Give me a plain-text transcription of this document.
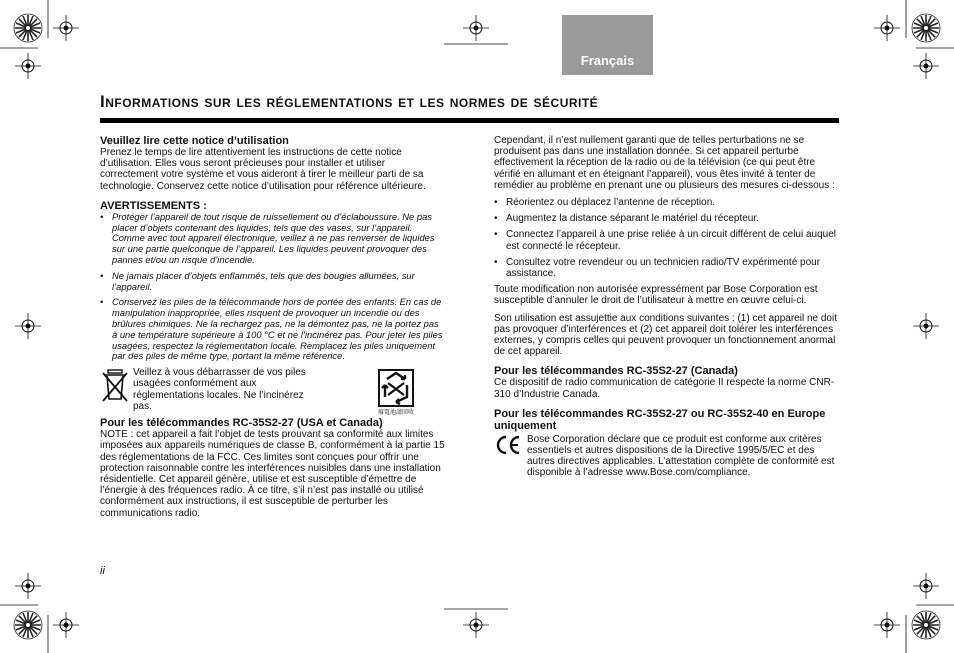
Français
Informations sur les réglementations et les normes de sécurité
Veuillez lire cette notice d’utilisation

Prenez le temps de lire attentivement les instructions de cette notice d’utilisation. Elles vous seront précieuses pour installer et utiliser correctement votre système et vous aideront à tirer le meilleur parti de sa technologie. Conservez cette notice d’utilisation pour référence ultérieure.

AVERTISSEMENTS :
• Protéger l’appareil de tout risque de ruissellement ou d’éclaboussure. Ne pas placer d’objets contenant des liquides, tels que des vases, sur l’appareil. Comme avec tout appareil électronique, veillez à ne pas renverser de liquides sur une partie quelconque de l’appareil. Les liquides peuvent provoquer des pannes et/ou un risque d’incendie.
• Ne jamais placer d’objets enflammés, tels que des bougies allumées, sur l’appareil.
• Conservez les piles de la télécommande hors de portée des enfants. En cas de manipulation inappropriée, elles risquent de provoquer un incendie ou des brûlures chimiques. Ne la rechargez pas, ne la démontez pas, ne la portez pas à une température supérieure à 100 °C et ne l’incinérez pas. Pour jeter les piles usagées, respectez la réglementation locale. Remplacez les piles uniquement par des piles de même type, portant la même référence.

Veillez à vous débarrasser de vos piles usagées conformément aux réglementations locales. Ne l’incinérez pas.

廢電池請回收
Pour les télécommandes RC-35S2-27 (USA et Canada)

NOTE : cet appareil a fait l’objet de tests prouvant sa conformité aux limites imposées aux appareils numériques de classe B, conformément à la partie 15 des réglementations de la FCC. Ces limites sont conçues pour offrir une protection raisonnable contre les interférences nuisibles dans une installation résidentielle. Cet appareil génère, utilise et est susceptible d’émettre de l’énergie à des fréquences radio. À ce titre, s’il n’est pas installé ou utilisé conformément aux instructions, il est susceptible de perturber les communications radio.

Cependant, il n’est nullement garanti que de telles perturbations ne se produisent pas dans une installation donnée. Si cet appareil perturbe effectivement la réception de la radio ou de la télévision (ce qui peut être vérifié en allumant et en éteignant l’appareil), vous êtes invité à tenter de remédier au problème en prenant une ou plusieurs des mesures ci-dessous :

• Réorientez ou déplacez l’antenne de réception.
• Augmentez la distance séparant le matériel du récepteur.
• Connectez l’appareil à une prise reliée à un circuit différent de celui auquel est connecté le récepteur.
• Consultez votre revendeur ou un technicien radio/TV expérimenté pour assistance.

Toute modification non autorisée expressément par Bose Corporation est susceptible d’annuler le droit de l’utilisateur à mettre en œuvre celui-ci.

Son utilisation est assujettie aux conditions suivantes : (1) cet appareil ne doit pas provoquer d’interférences et (2) cet appareil doit tolérer les interférences externes, y compris celles qui peuvent provoquer un fonctionnement anormal de cet appareil.

Pour les télécommandes RC-35S2-27 (Canada)

Ce dispositif de radio communication de catégorie II respecte la norme CNR-310 d’Industrie Canada.

Pour les télécommandes RC-35S2-27 ou RC-35S2-40 en Europe uniquement

Bose Corporation déclare que ce produit est conforme aux critères essentiels et autres dispositions de la Directive 1995/5/EC et des autres directives applicables. L’attestation complète de conformité est disponible à l’adresse www.Bose.com/compliance.

ii
